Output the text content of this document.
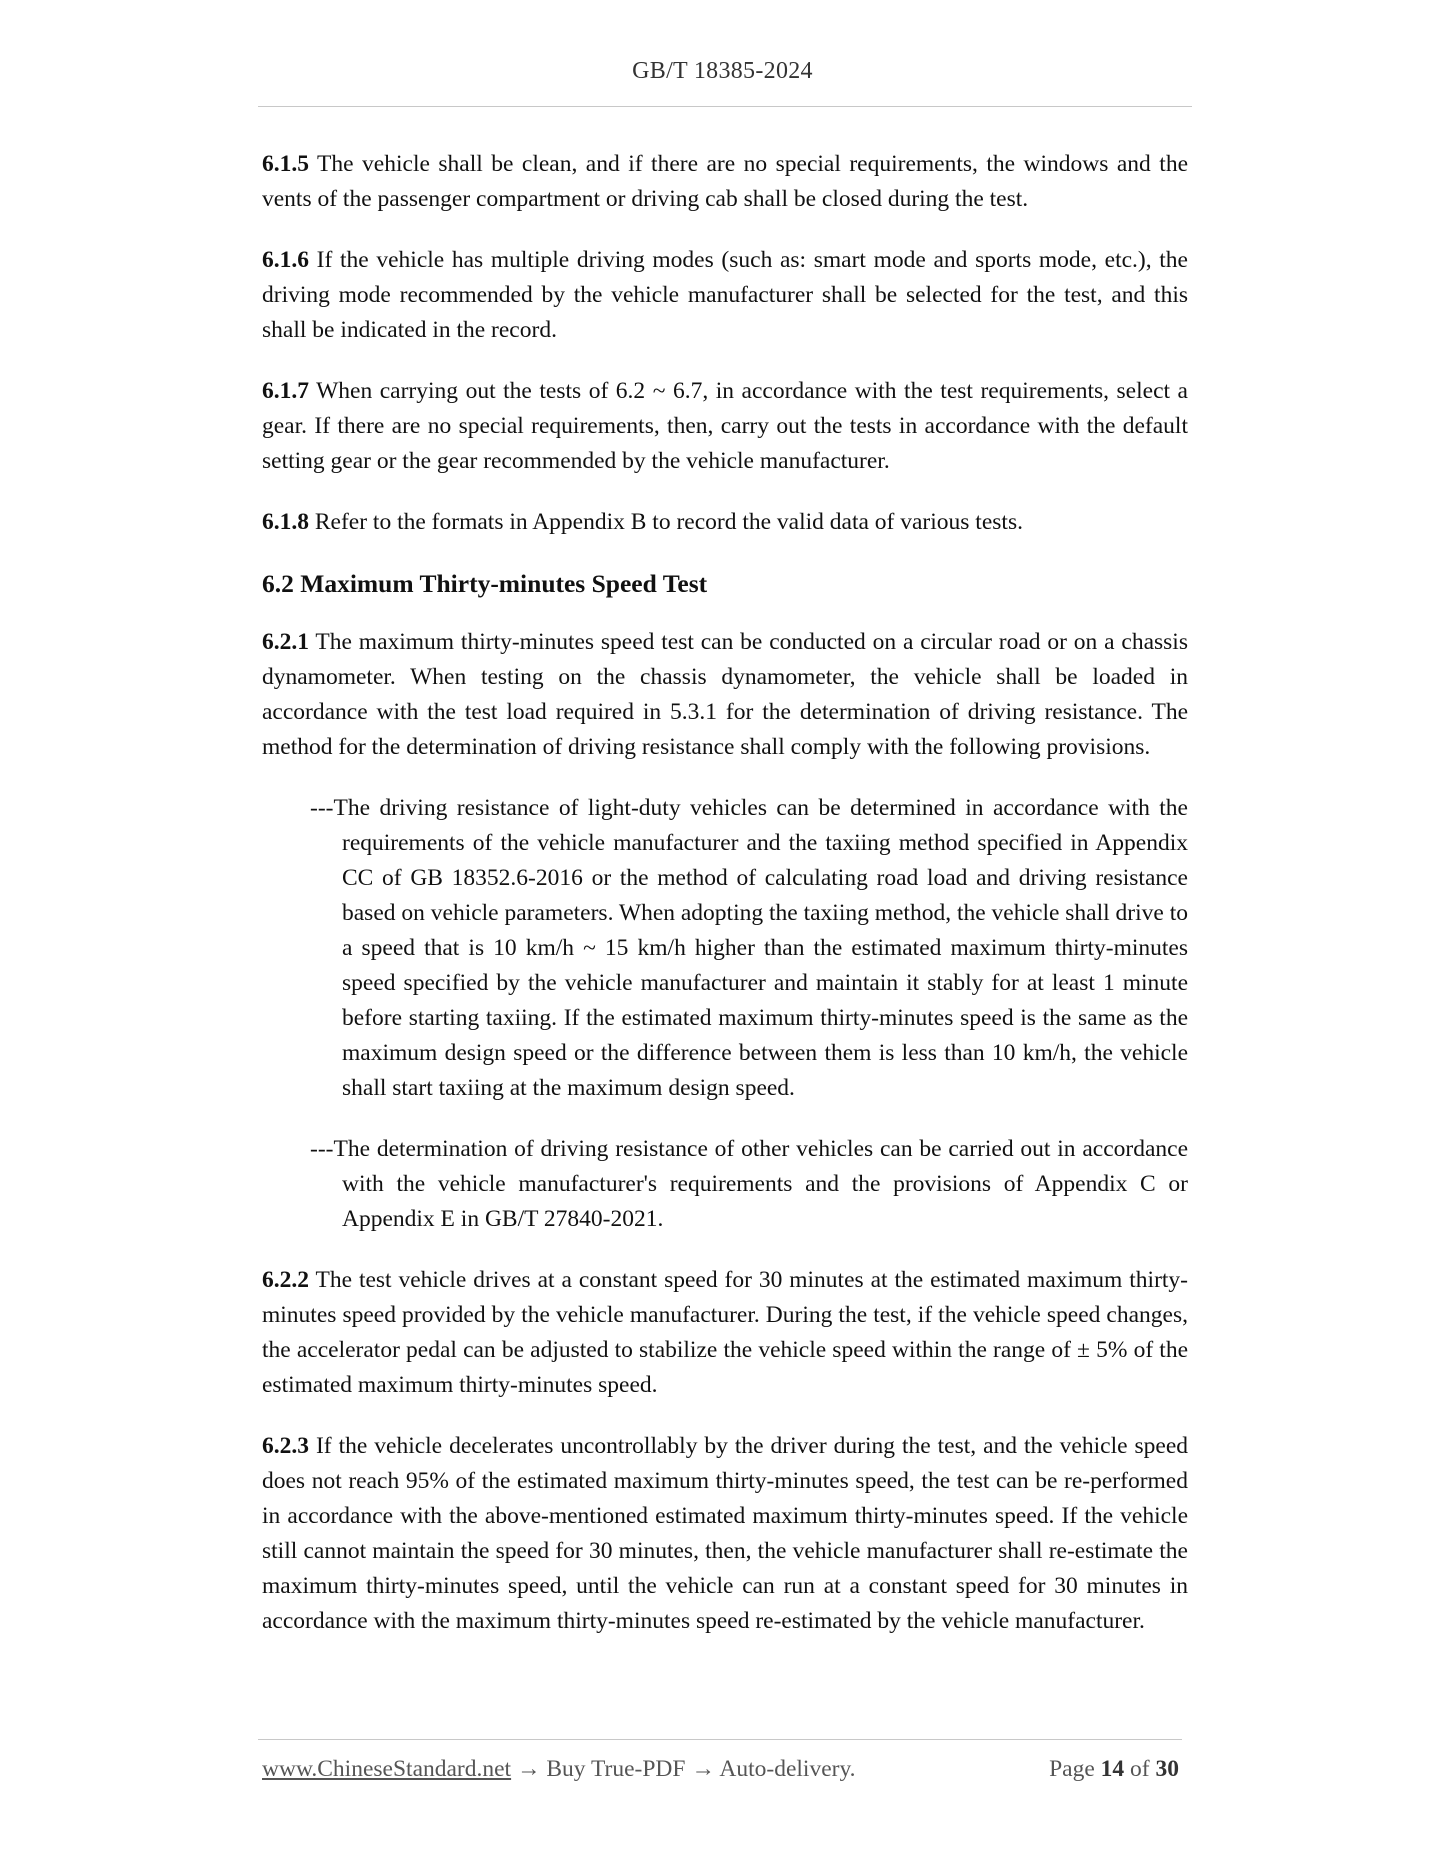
GB/T 18385-2024

6.1.5 The vehicle shall be clean, and if there are no special requirements, the windows and the vents of the passenger compartment or driving cab shall be closed during the test.

6.1.6 If the vehicle has multiple driving modes (such as: smart mode and sports mode, etc.), the driving mode recommended by the vehicle manufacturer shall be selected for the test, and this shall be indicated in the record.

6.1.7 When carrying out the tests of 6.2 ~ 6.7, in accordance with the test requirements, select a gear. If there are no special requirements, then, carry out the tests in accordance with the default setting gear or the gear recommended by the vehicle manufacturer.

6.1.8 Refer to the formats in Appendix B to record the valid data of various tests.

6.2 Maximum Thirty-minutes Speed Test

6.2.1 The maximum thirty-minutes speed test can be conducted on a circular road or on a chassis dynamometer. When testing on the chassis dynamometer, the vehicle shall be loaded in accordance with the test load required in 5.3.1 for the determination of driving resistance. The method for the determination of driving resistance shall comply with the following provisions.

---The driving resistance of light-duty vehicles can be determined in accordance with the requirements of the vehicle manufacturer and the taxiing method specified in Appendix CC of GB 18352.6-2016 or the method of calculating road load and driving resistance based on vehicle parameters. When adopting the taxiing method, the vehicle shall drive to a speed that is 10 km/h ~ 15 km/h higher than the estimated maximum thirty-minutes speed specified by the vehicle manufacturer and maintain it stably for at least 1 minute before starting taxiing. If the estimated maximum thirty-minutes speed is the same as the maximum design speed or the difference between them is less than 10 km/h, the vehicle shall start taxiing at the maximum design speed.

---The determination of driving resistance of other vehicles can be carried out in accordance with the vehicle manufacturer's requirements and the provisions of Appendix C or Appendix E in GB/T 27840-2021.

6.2.2 The test vehicle drives at a constant speed for 30 minutes at the estimated maximum thirty-minutes speed provided by the vehicle manufacturer. During the test, if the vehicle speed changes, the accelerator pedal can be adjusted to stabilize the vehicle speed within the range of ± 5% of the estimated maximum thirty-minutes speed.

6.2.3 If the vehicle decelerates uncontrollably by the driver during the test, and the vehicle speed does not reach 95% of the estimated maximum thirty-minutes speed, the test can be re-performed in accordance with the above-mentioned estimated maximum thirty-minutes speed. If the vehicle still cannot maintain the speed for 30 minutes, then, the vehicle manufacturer shall re-estimate the maximum thirty-minutes speed, until the vehicle can run at a constant speed for 30 minutes in accordance with the maximum thirty-minutes speed re-estimated by the vehicle manufacturer.

www.ChineseStandard.net → Buy True-PDF → Auto-delivery.	Page 14 of 30
